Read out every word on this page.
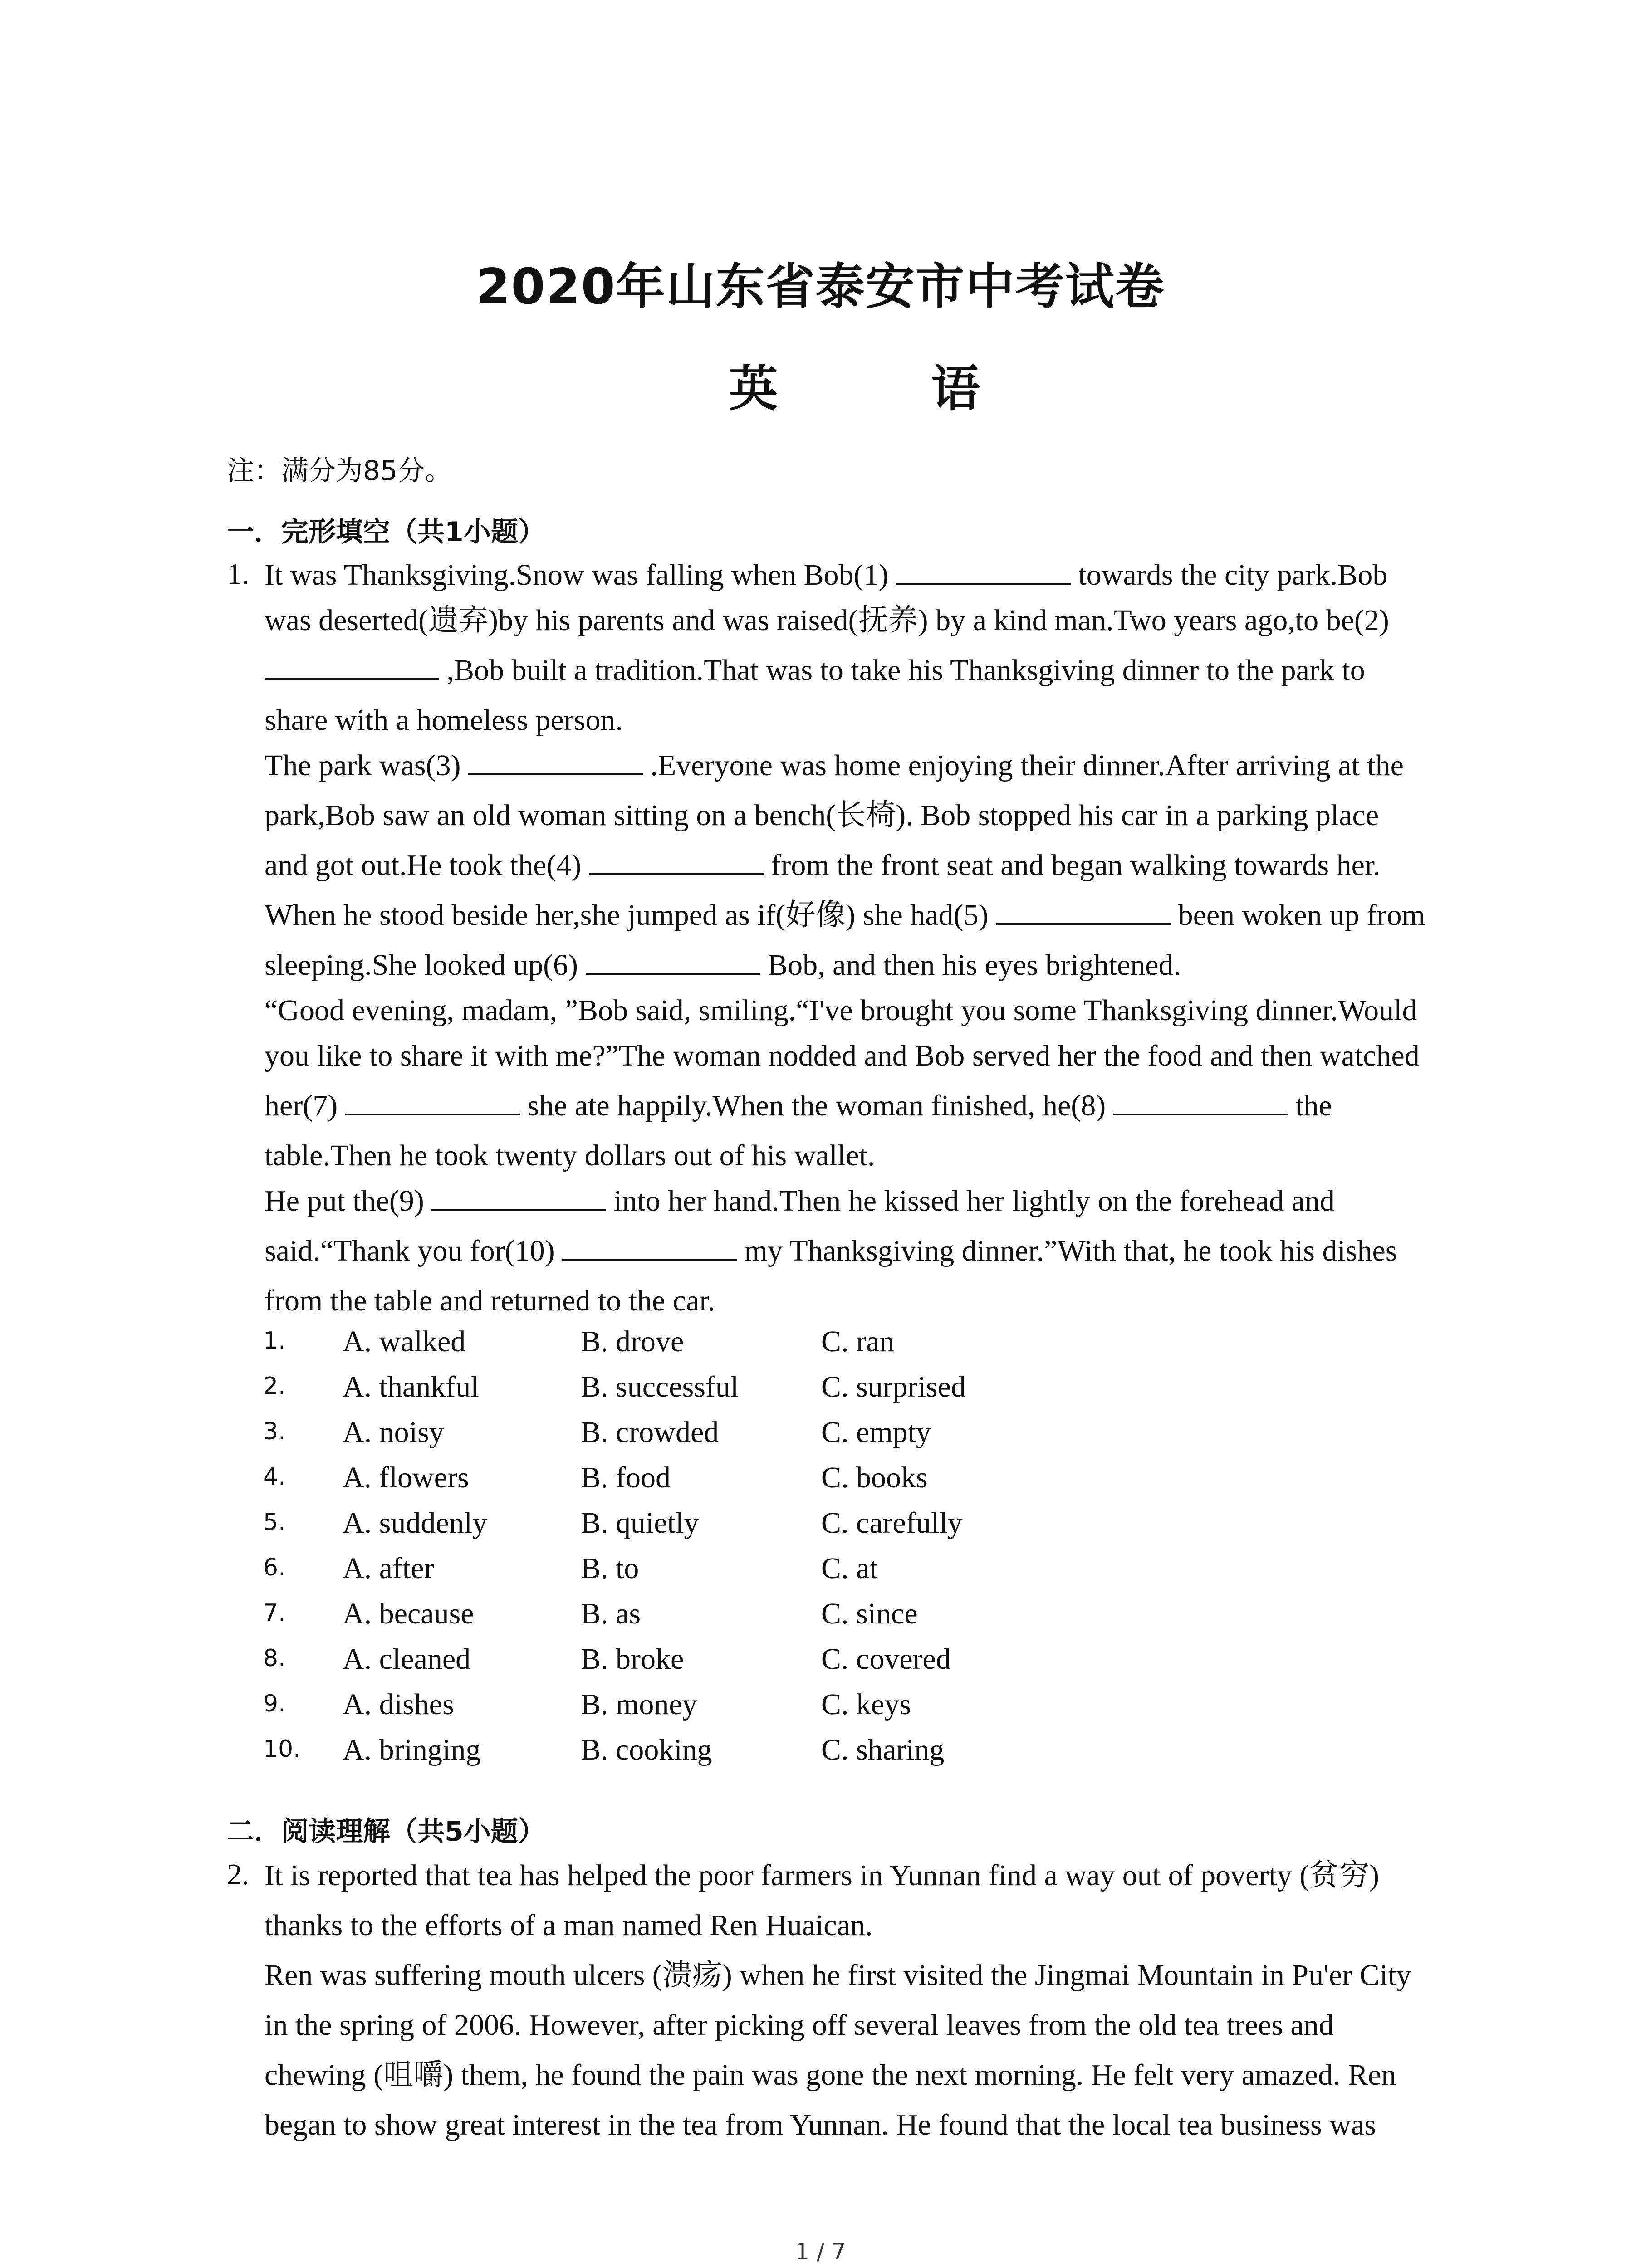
2020年山东省泰安市中考试卷
英 语
注：满分为85分。
一．完形填空（共1小题）
1. It was Thanksgiving.Snow was falling when Bob(1)	towards the city park.Bob
was deserted(遗弃)by his parents and was raised(抚养) by a kind man.Two years ago,to be(2)
,Bob built a tradition.That was to take his Thanksgiving dinner to the park to
share with a homeless person.
The park was(3)	.Everyone was home enjoying their dinner.After arriving at the
park,Bob saw an old woman sitting on a bench(长椅). Bob stopped his car in a parking place
and got out.He took the(4)	from the front seat and began walking towards her.
When he stood beside her,she jumped as if(好像) she had(5)	been woken up from
sleeping.She looked up(6)	Bob, and then his eyes brightened.
“Good evening, madam, ”Bob said, smiling.“I've brought you some Thanksgiving dinner.Would
you like to share it with me?”The woman nodded and Bob served her the food and then watched
her(7)	she ate happily.When the woman finished, he(8)	the
table.Then he took twenty dollars out of his wallet.
He put the(9)	into her hand.Then he kissed her lightly on the forehead and
said.“Thank you for(10)	my Thanksgiving dinner.”With that, he took his dishes
from the table and returned to the car.
1. A. walked	B. drove	C. ran
2. A. thankful	B. successful	C. surprised
3. A. noisy	B. crowded	C. empty
4. A. flowers	B. food	C. books
5. A. suddenly	B. quietly	C. carefully
6. A. after	B. to	C. at
7. A. because	B. as	C. since
8. A. cleaned	B. broke	C. covered
9. A. dishes	B. money	C. keys
10. A. bringing	B. cooking	C. sharing
二．阅读理解（共5小题）
2. It is reported that tea has helped the poor farmers in Yunnan find a way out of poverty (贫穷)
thanks to the efforts of a man named Ren Huaican.
Ren was suffering mouth ulcers (溃疡) when he first visited the Jingmai Mountain in Pu'er City
in the spring of 2006. However, after picking off several leaves from the old tea trees and
chewing (咀嚼) them, he found the pain was gone the next morning. He felt very amazed. Ren
began to show great interest in the tea from Yunnan. He found that the local tea business was
1 / 7
